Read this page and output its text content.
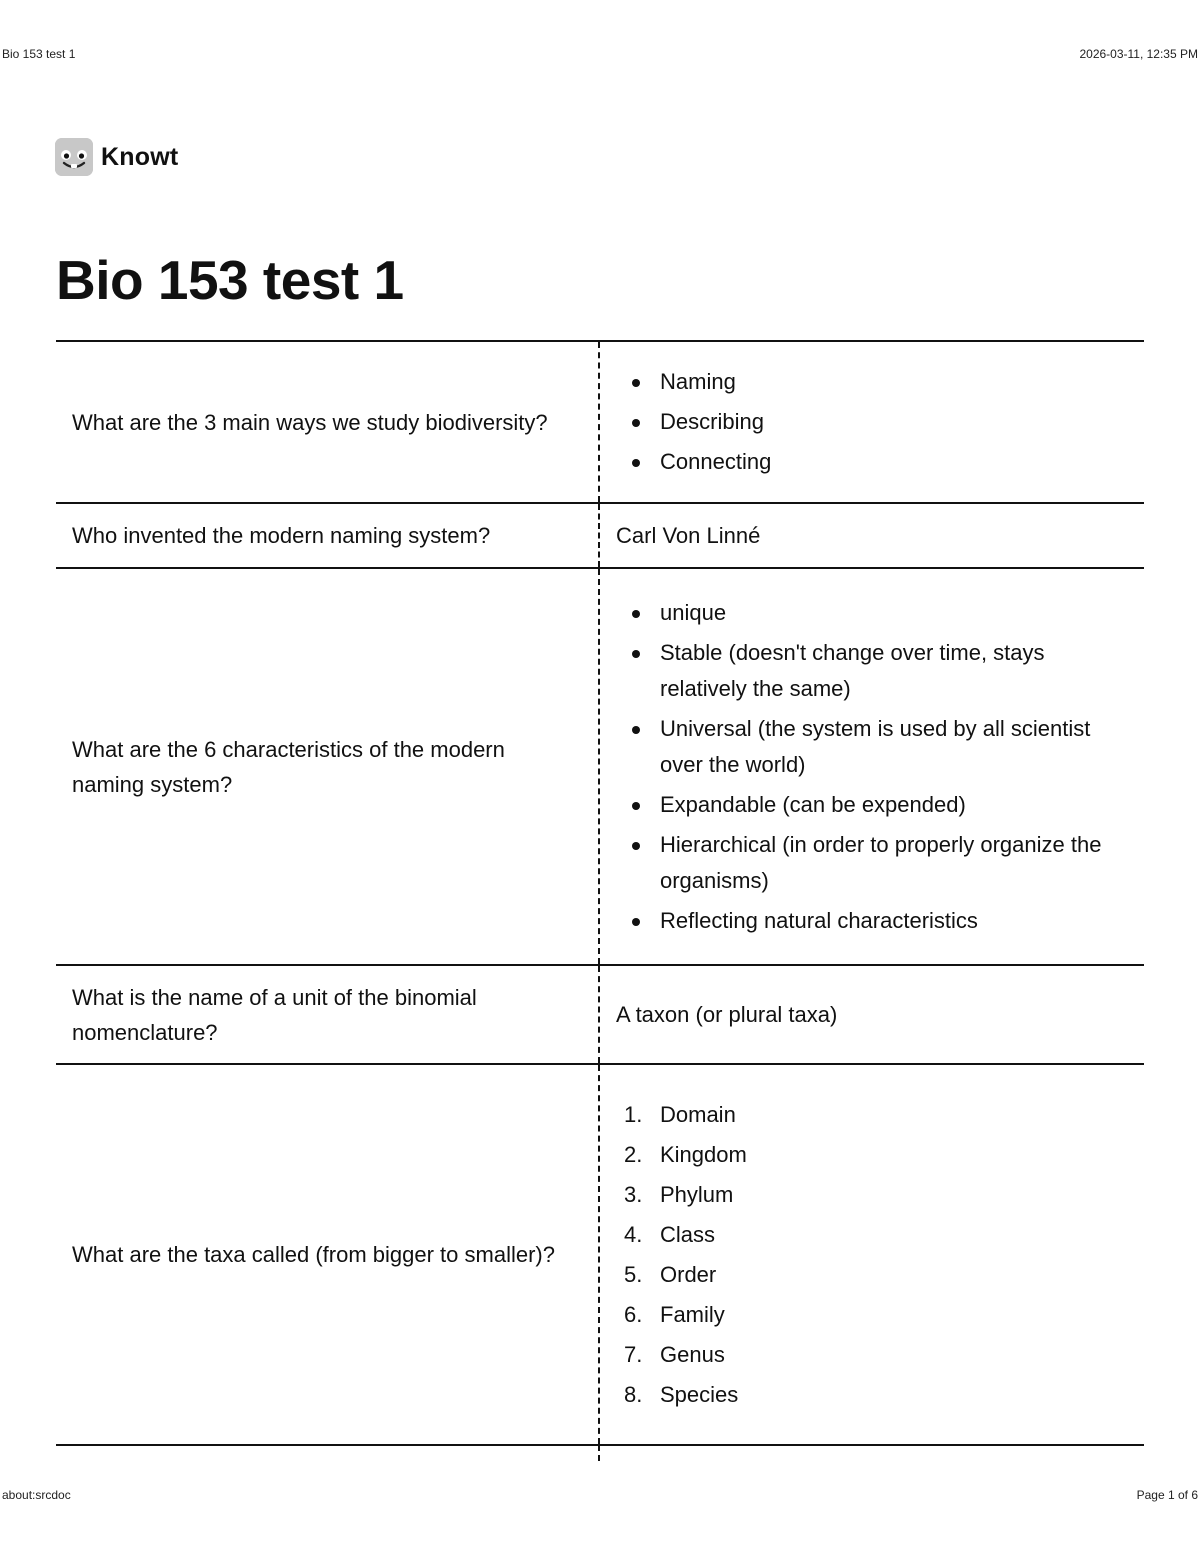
Bio 153 test 1	2026-03-11, 12:35 PM
Knowt
Bio 153 test 1
What are the 3 main ways we study biodiversity?
Naming
Describing
Connecting
Who invented the modern naming system?	Carl Von Linné
What are the 6 characteristics of the modern naming system?
unique
Stable (doesn't change over time, stays relatively the same)
Universal (the system is used by all scientist over the world)
Expandable (can be expended)
Hierarchical (in order to properly organize the organisms)
Reflecting natural characteristics
What is the name of a unit of the binomial nomenclature?
A taxon (or plural taxa)
What are the taxa called (from bigger to smaller)?
1. Domain
2. Kingdom
3. Phylum
4. Class
5. Order
6. Family
7. Genus
8. Species
about:srcdoc	Page 1 of 6
